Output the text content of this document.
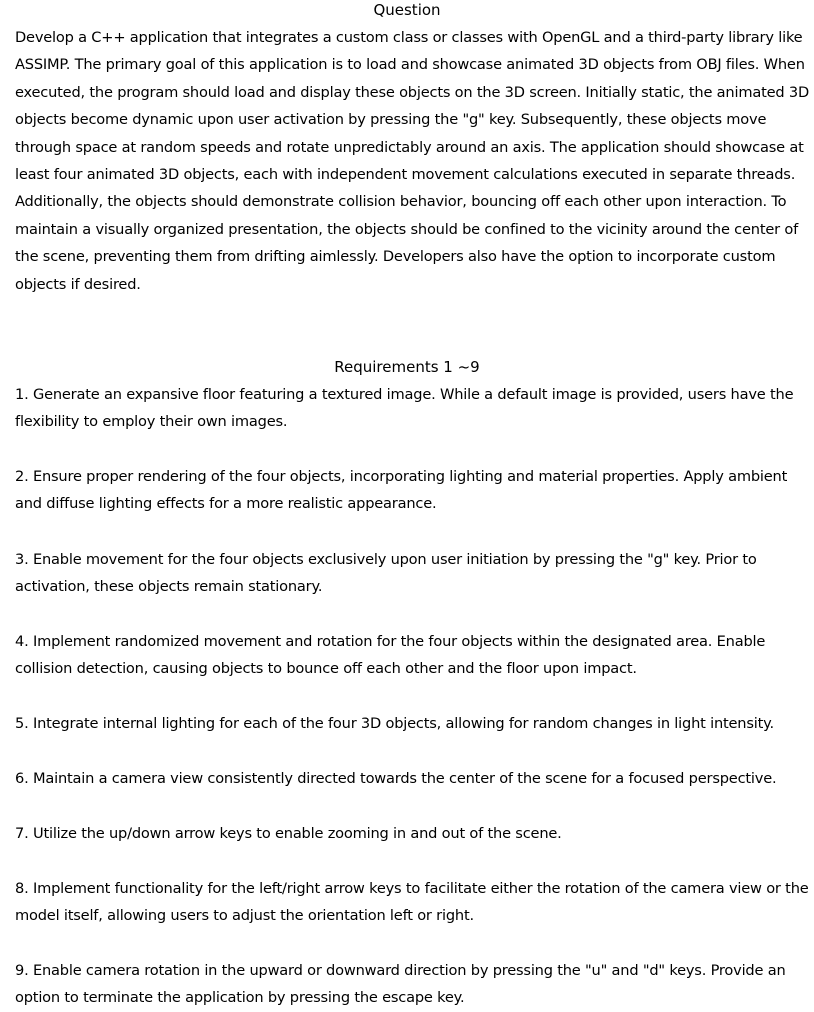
Question

Develop a C++ application that integrates a custom class or classes with OpenGL and a third-party library like ASSIMP. The primary goal of this application is to load and showcase animated 3D objects from OBJ files. When executed, the program should load and display these objects on the 3D screen. Initially static, the animated 3D objects become dynamic upon user activation by pressing the "g" key. Subsequently, these objects move through space at random speeds and rotate unpredictably around an axis. The application should showcase at least four animated 3D objects, each with independent movement calculations executed in separate threads. Additionally, the objects should demonstrate collision behavior, bouncing off each other upon interaction. To maintain a visually organized presentation, the objects should be confined to the vicinity around the center of the scene, preventing them from drifting aimlessly. Developers also have the option to incorporate custom objects if desired.

Requirements 1 ~9

1. Generate an expansive floor featuring a textured image. While a default image is provided, users have the flexibility to employ their own images.

2. Ensure proper rendering of the four objects, incorporating lighting and material properties. Apply ambient and diffuse lighting effects for a more realistic appearance.

3. Enable movement for the four objects exclusively upon user initiation by pressing the "g" key. Prior to activation, these objects remain stationary.

4. Implement randomized movement and rotation for the four objects within the designated area. Enable collision detection, causing objects to bounce off each other and the floor upon impact.

5. Integrate internal lighting for each of the four 3D objects, allowing for random changes in light intensity.

6. Maintain a camera view consistently directed towards the center of the scene for a focused perspective.

7. Utilize the up/down arrow keys to enable zooming in and out of the scene.

8. Implement functionality for the left/right arrow keys to facilitate either the rotation of the camera view or the model itself, allowing users to adjust the orientation left or right.

9. Enable camera rotation in the upward or downward direction by pressing the "u" and "d" keys. Provide an option to terminate the application by pressing the escape key.
